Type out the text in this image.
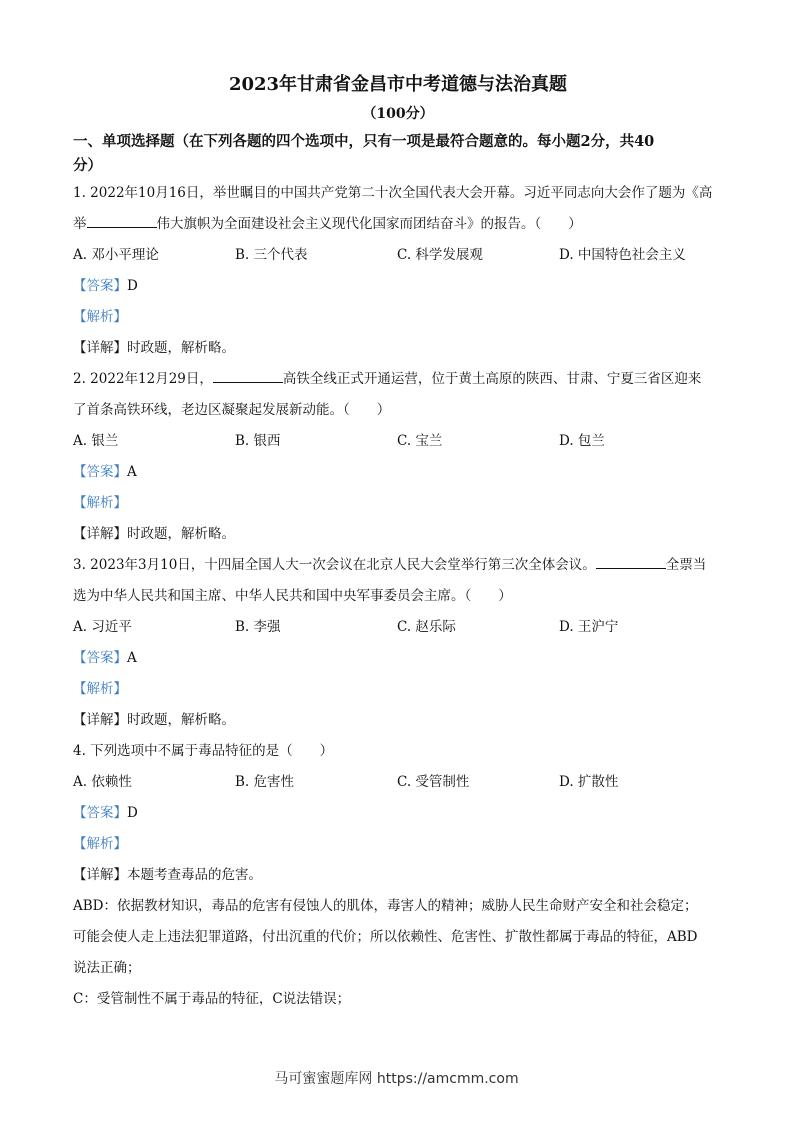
2023年甘肃省金昌市中考道德与法治真题
（100分）
一、单项选择题（在下列各题的四个选项中，只有一项是最符合题意的。每小题2分，共40
分）
1. 2022年10月16日，举世瞩目的中国共产党第二十次全国代表大会开幕。习近平同志向大会作了题为《高
举	伟大旗帜为全面建设社会主义现代化国家而团结奋斗》的报告。（　　）
A. 邓小平理论	B. 三个代表	C. 科学发展观	D. 中国特色社会主义
【答案】D
【解析】
【详解】时政题，解析略。
2. 2022年12月29日，	高铁全线正式开通运营，位于黄土高原的陕西、甘肃、宁夏三省区迎来
了首条高铁环线，老边区凝聚起发展新动能。（　　）
A. 银兰	B. 银西	C. 宝兰	D. 包兰
【答案】A
【解析】
【详解】时政题，解析略。
3. 2023年3月10日，十四届全国人大一次会议在北京人民大会堂举行第三次全体会议。	全票当
选为中华人民共和国主席、中华人民共和国中央军事委员会主席。（　　）
A. 习近平	B. 李强	C. 赵乐际	D. 王沪宁
【答案】A
【解析】
【详解】时政题，解析略。
4. 下列选项中不属于毒品特征的是（　　）
A. 依赖性	B. 危害性	C. 受管制性	D. 扩散性
【答案】D
【解析】
【详解】本题考查毒品的危害。
ABD：依据教材知识，毒品的危害有侵蚀人的肌体，毒害人的精神；威胁人民生命财产安全和社会稳定；
可能会使人走上违法犯罪道路，付出沉重的代价；所以依赖性、危害性、扩散性都属于毒品的特征，ABD
说法正确；
C：受管制性不属于毒品的特征，C说法错误；
马可蜜蜜题库网 https://amcmm.com
